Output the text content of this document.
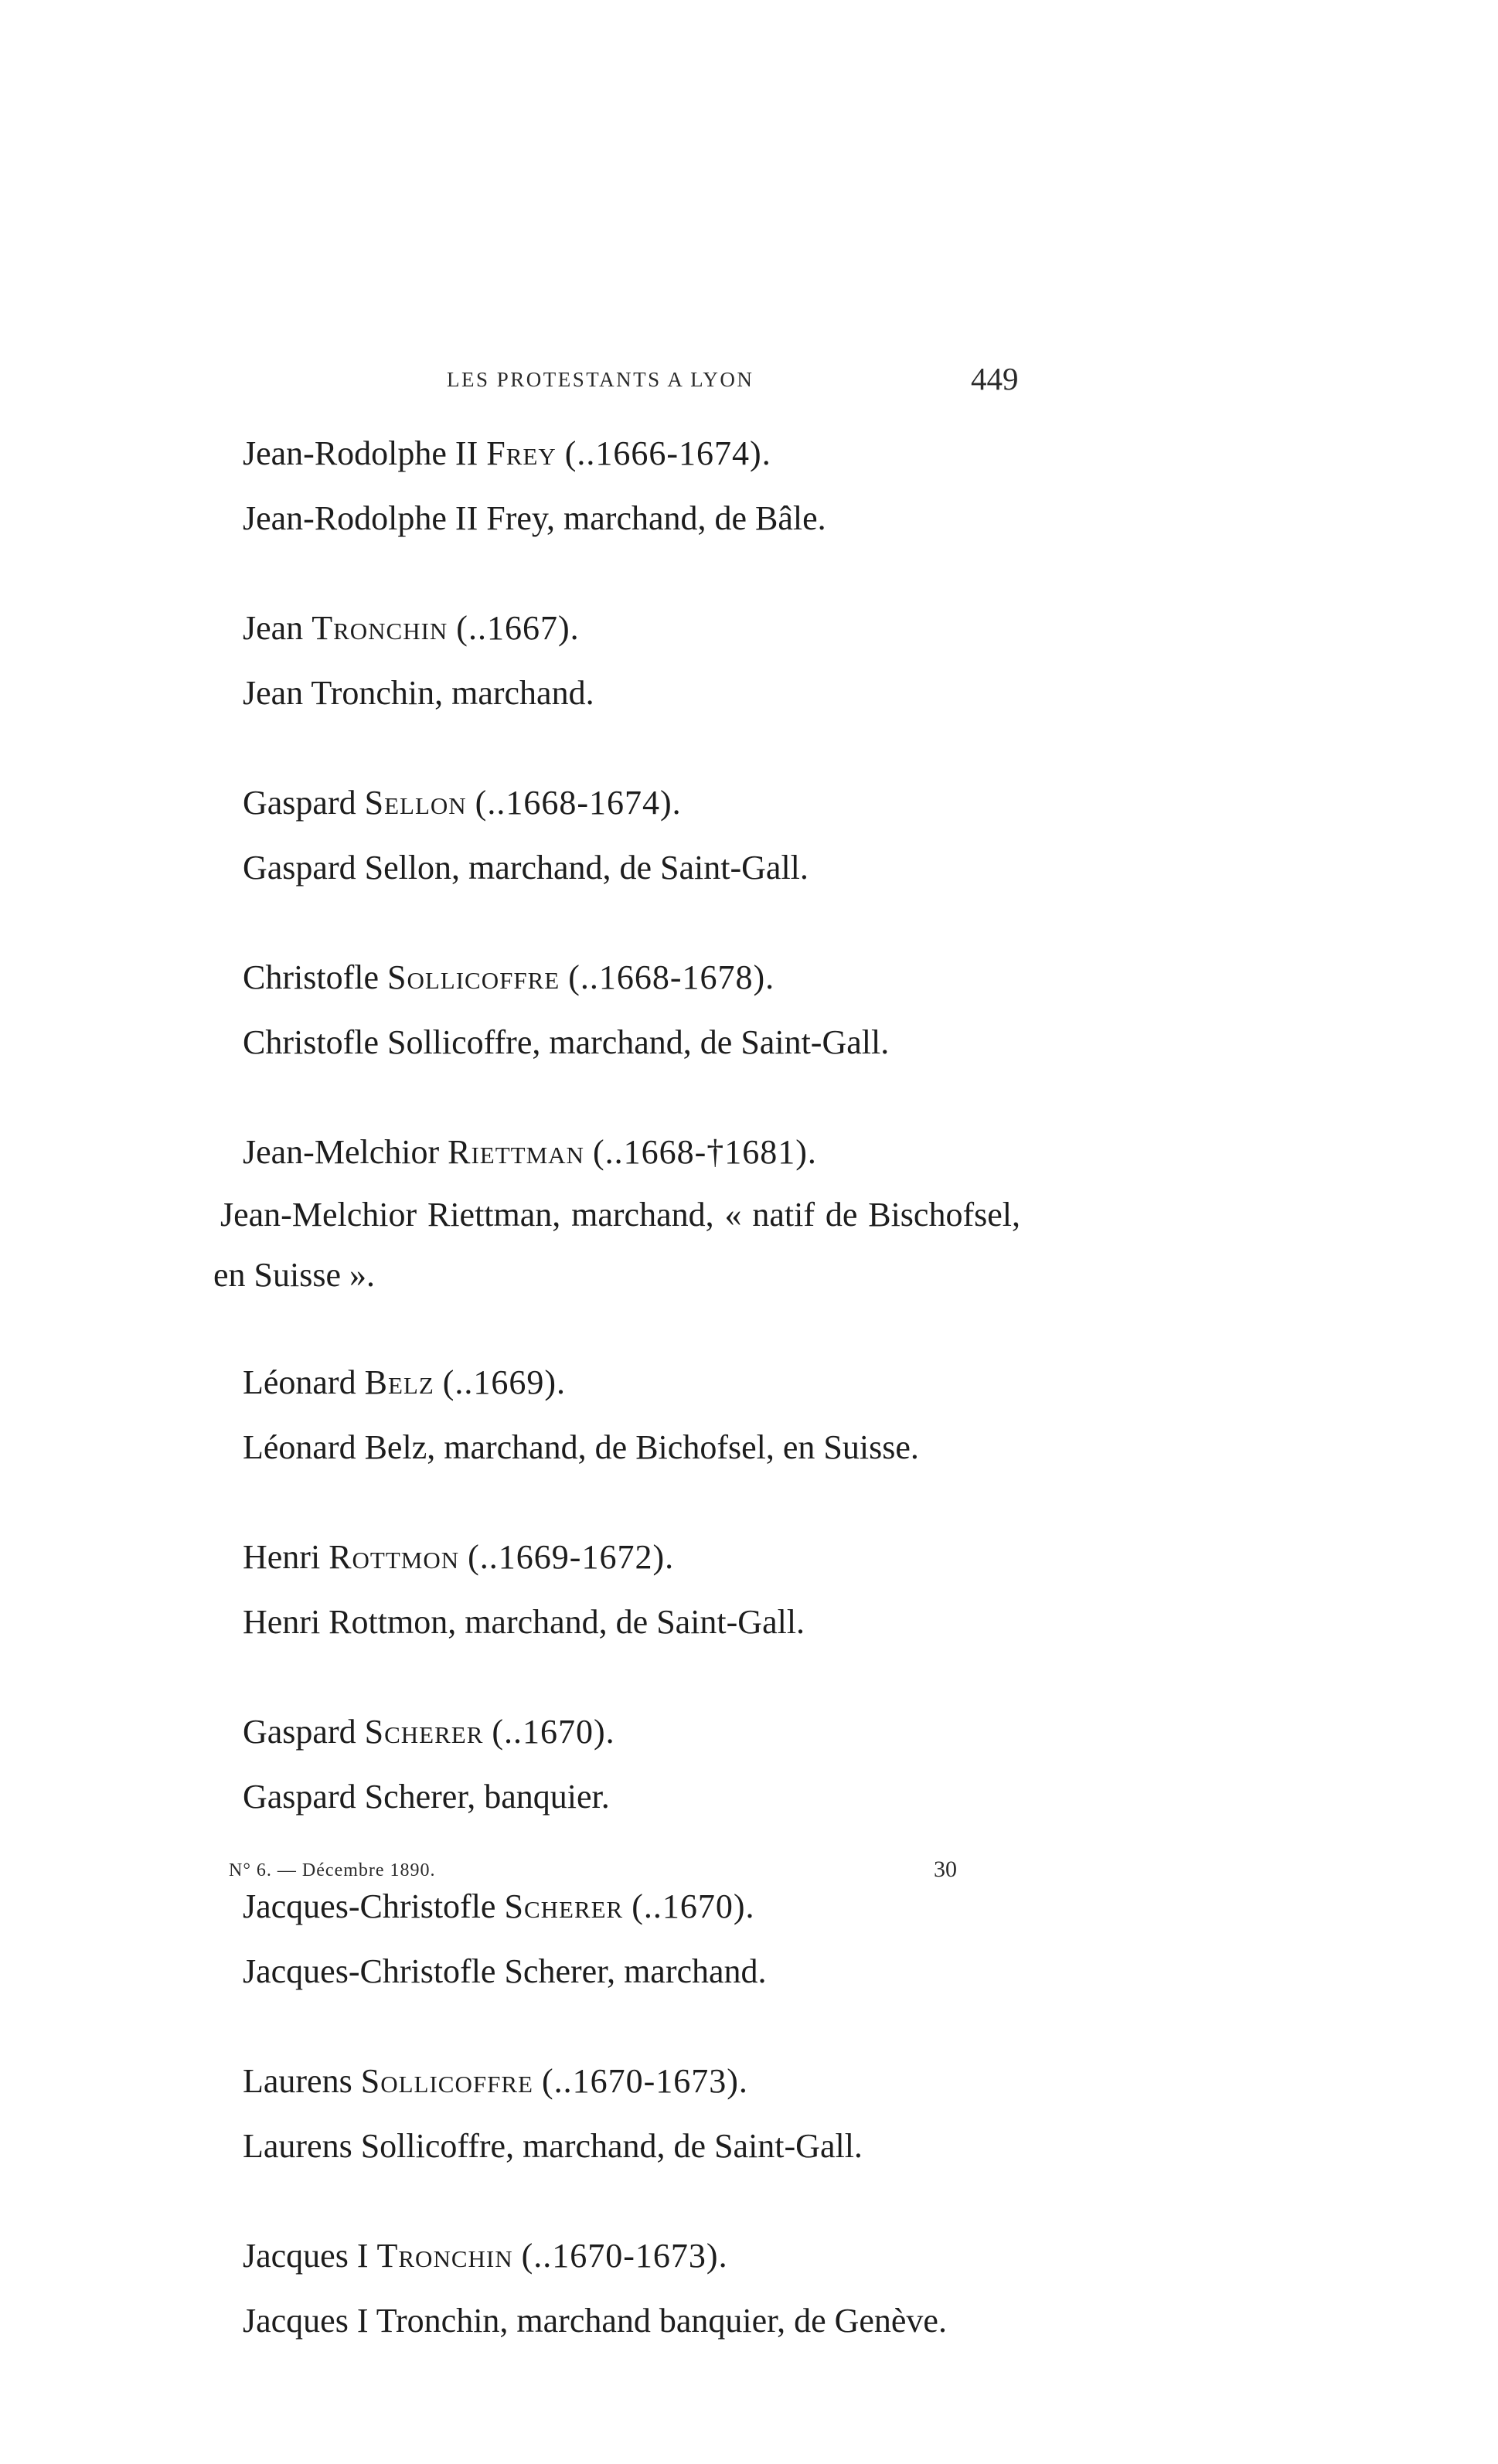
LES PROTESTANTS A LYON	449

Jean-Rodolphe II Frey (..1666-1674).

Jean-Rodolphe II Frey, marchand, de Bâle.

Jean Tronchin (..1667).

Jean Tronchin, marchand.

Gaspard Sellon (..1668-1674).

Gaspard Sellon, marchand, de Saint-Gall.

Christofle Sollicoffre (..1668-1678).

Christofle Sollicoffre, marchand, de Saint-Gall.

Jean-Melchior Riettman (..1668-†1681).

Jean-Melchior Riettman, marchand, « natif de Bischofsel, en Suisse ».

Léonard Belz (..1669).

Léonard Belz, marchand, de Bichofsel, en Suisse.

Henri Rottmon (..1669-1672).

Henri Rottmon, marchand, de Saint-Gall.

Gaspard Scherer (..1670).

Gaspard Scherer, banquier.

Jacques-Christofle Scherer (..1670).

Jacques-Christofle Scherer, marchand.

Laurens Sollicoffre (..1670-1673).

Laurens Sollicoffre, marchand, de Saint-Gall.

Jacques I Tronchin (..1670-1673).

Jacques I Tronchin, marchand banquier, de Genève.

N° 6. — Décembre 1890.	30
